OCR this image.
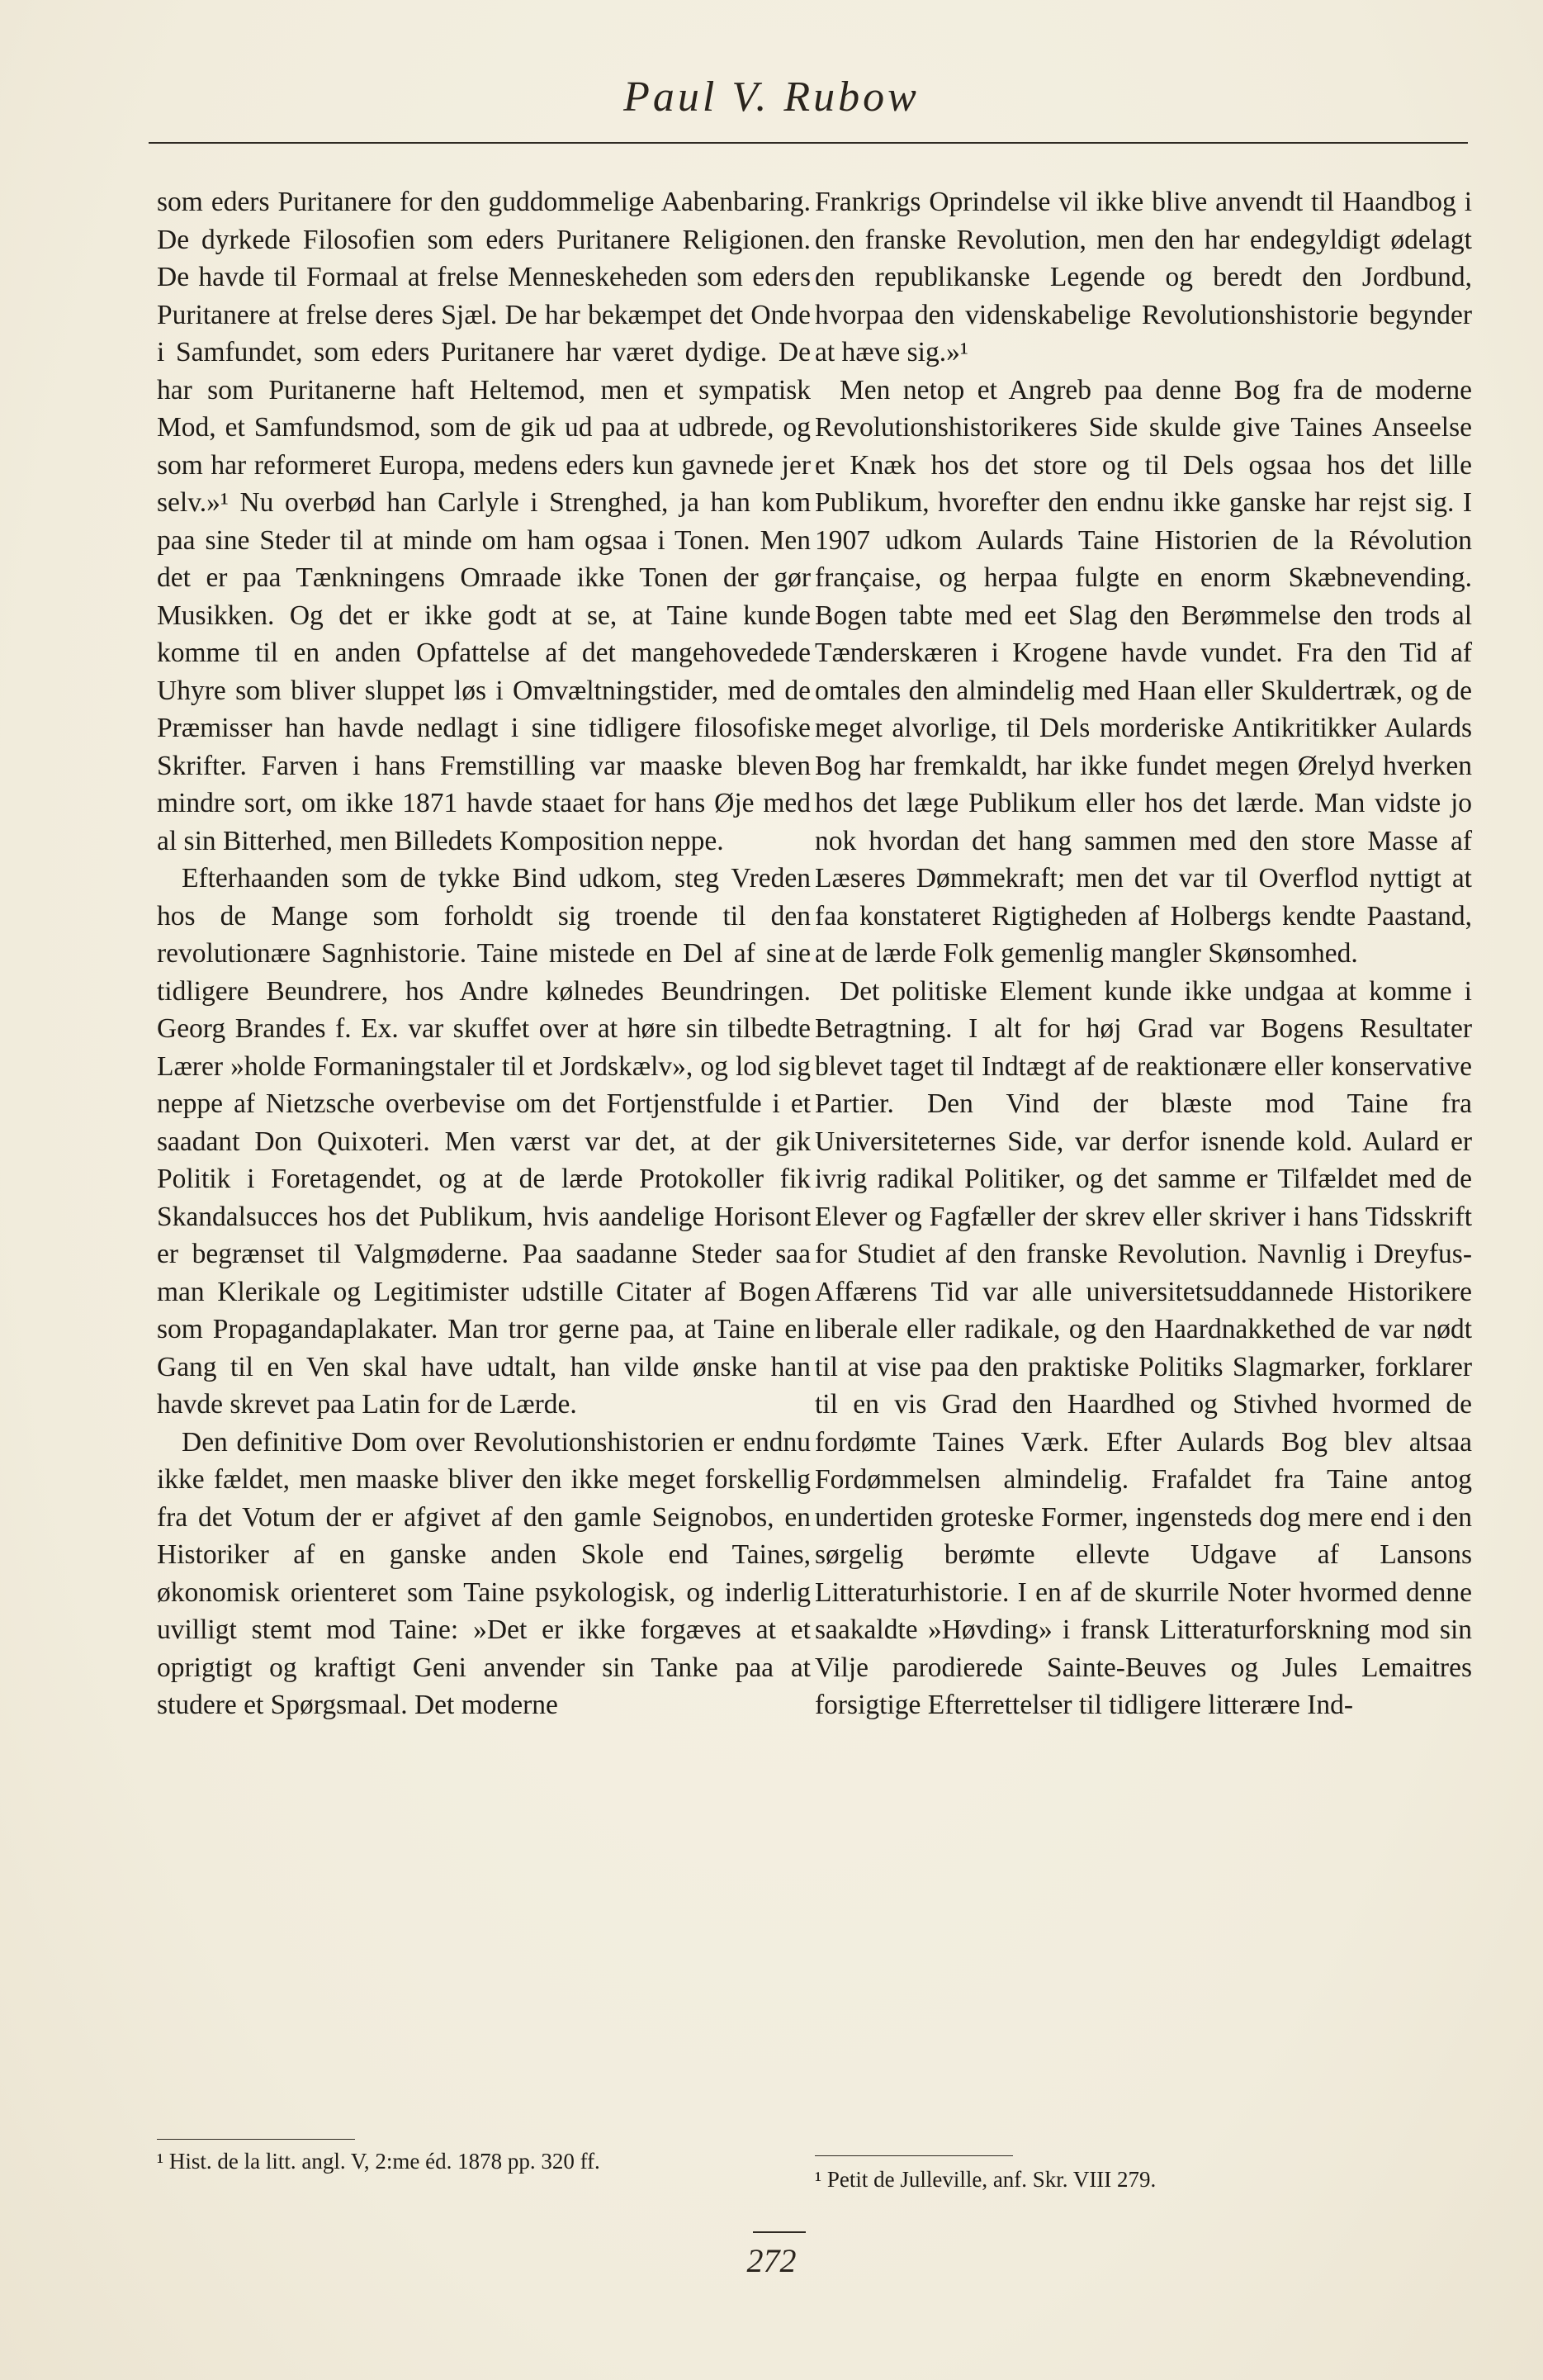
Paul V. Rubow

som eders Puritanere for den guddommelige Aabenbaring. De dyrkede Filosofien som eders Puritanere Religionen. De havde til Formaal at frelse Menneskeheden som eders Puritanere at frelse deres Sjæl. De har bekæmpet det Onde i Samfundet, som eders Puritanere har været dydige. De har som Puritanerne haft Heltemod, men et sympatisk Mod, et Samfundsmod, som de gik ud paa at udbrede, og som har reformeret Europa, medens eders kun gavnede jer selv.»¹ Nu overbød han Carlyle i Strenghed, ja han kom paa sine Steder til at minde om ham ogsaa i Tonen. Men det er paa Tænkningens Omraade ikke Tonen der gør Musikken. Og det er ikke godt at se, at Taine kunde komme til en anden Opfattelse af det mangehovedede Uhyre som bliver sluppet løs i Omvæltningstider, med de Præmisser han havde nedlagt i sine tidligere filosofiske Skrifter. Farven i hans Fremstilling var maaske bleven mindre sort, om ikke 1871 havde staaet for hans Øje med al sin Bitterhed, men Billedets Komposition neppe.

Efterhaanden som de tykke Bind udkom, steg Vreden hos de Mange som forholdt sig troende til den revolutionære Sagnhistorie. Taine mistede en Del af sine tidligere Beundrere, hos Andre kølnedes Beundringen. Georg Brandes f. Ex. var skuffet over at høre sin tilbedte Lærer »holde Formaningstaler til et Jordskælv», og lod sig neppe af Nietzsche overbevise om det Fortjenstfulde i et saadant Don Quixoteri. Men værst var det, at der gik Politik i Foretagendet, og at de lærde Protokoller fik Skandalsucces hos det Publikum, hvis aandelige Horisont er begrænset til Valgmøderne. Paa saadanne Steder saa man Klerikale og Legitimister udstille Citater af Bogen som Propagandaplakater. Man tror gerne paa, at Taine en Gang til en Ven skal have udtalt, han vilde ønske han havde skrevet paa Latin for de Lærde.

Den definitive Dom over Revolutionshistorien er endnu ikke fældet, men maaske bliver den ikke meget forskellig fra det Votum der er afgivet af den gamle Seignobos, en Historiker af en ganske anden Skole end Taines, økonomisk orienteret som Taine psykologisk, og inderlig uvilligt stemt mod Taine: »Det er ikke forgæves at et oprigtigt og kraftigt Geni anvender sin Tanke paa at studere et Spørgsmaal. Det moderne

Frankrigs Oprindelse vil ikke blive anvendt til Haandbog i den franske Revolution, men den har endegyldigt ødelagt den republikanske Legende og beredt den Jordbund, hvorpaa den videnskabelige Revolutionshistorie begynder at hæve sig.»¹

Men netop et Angreb paa denne Bog fra de moderne Revolutionshistorikeres Side skulde give Taines Anseelse et Knæk hos det store og til Dels ogsaa hos det lille Publikum, hvorefter den endnu ikke ganske har rejst sig. I 1907 udkom Aulards Taine Historien de la Révolution française, og herpaa fulgte en enorm Skæbnevending. Bogen tabte med eet Slag den Berømmelse den trods al Tænderskæren i Krogene havde vundet. Fra den Tid af omtales den almindelig med Haan eller Skuldertræk, og de meget alvorlige, til Dels morderiske Antikritikker Aulards Bog har fremkaldt, har ikke fundet megen Ørelyd hverken hos det læge Publikum eller hos det lærde. Man vidste jo nok hvordan det hang sammen med den store Masse af Læseres Dømmekraft; men det var til Overflod nyttigt at faa konstateret Rigtigheden af Holbergs kendte Paastand, at de lærde Folk gemenlig mangler Skønsomhed.

Det politiske Element kunde ikke undgaa at komme i Betragtning. I alt for høj Grad var Bogens Resultater blevet taget til Indtægt af de reaktionære eller konservative Partier. Den Vind der blæste mod Taine fra Universiteternes Side, var derfor isnende kold. Aulard er ivrig radikal Politiker, og det samme er Tilfældet med de Elever og Fagfæller der skrev eller skriver i hans Tidsskrift for Studiet af den franske Revolution. Navnlig i Dreyfus-Affærens Tid var alle universitetsuddannede Historikere liberale eller radikale, og den Haardnakkethed de var nødt til at vise paa den praktiske Politiks Slagmarker, forklarer til en vis Grad den Haardhed og Stivhed hvormed de fordømte Taines Værk. Efter Aulards Bog blev altsaa Fordømmelsen almindelig. Frafaldet fra Taine antog undertiden groteske Former, ingensteds dog mere end i den sørgelig berømte ellevte Udgave af Lansons Litteraturhistorie. I en af de skurrile Noter hvormed denne saakaldte »Høvding» i fransk Litteraturforskning mod sin Vilje parodierede Sainte-Beuves og Jules Lemaitres forsigtige Efterrettelser til tidligere litterære Ind-

¹ Hist. de la litt. angl. V, 2:me éd. 1878 pp. 320 ff.
¹ Petit de Julleville, anf. Skr. VIII 279.
272
